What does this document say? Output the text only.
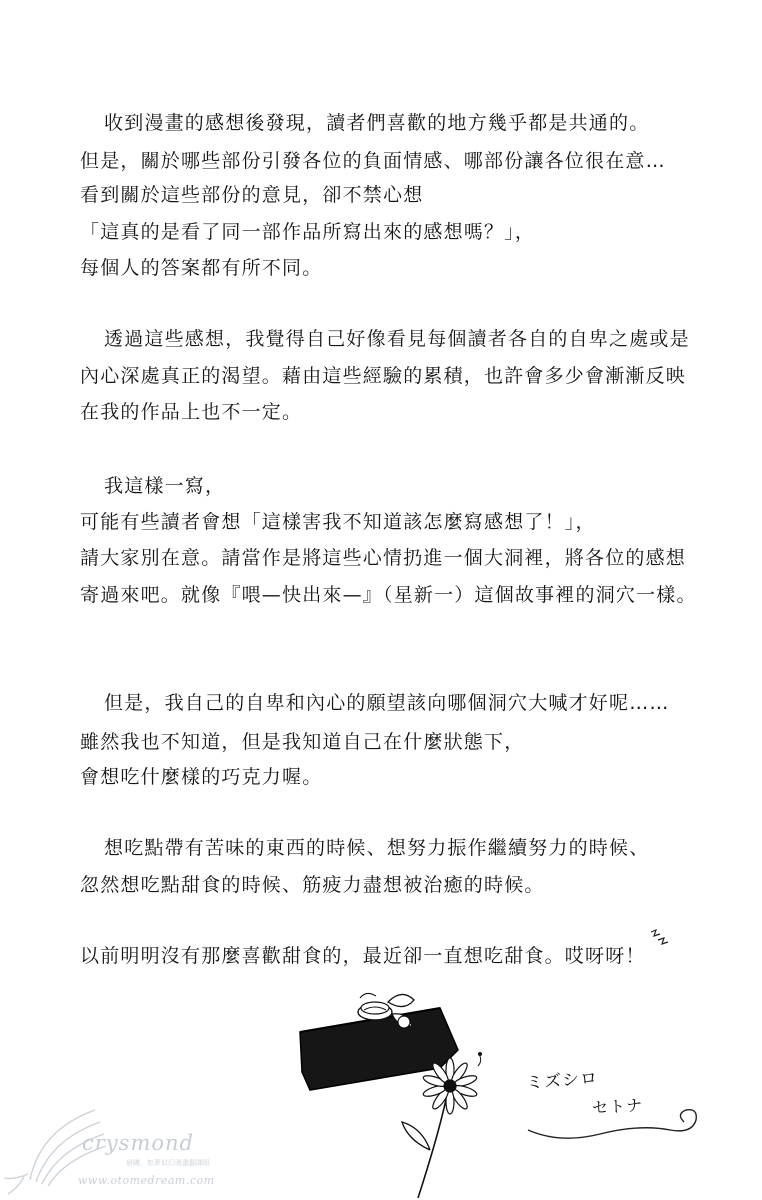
收到漫畫的感想後發現，讀者們喜歡的地方幾乎都是共通的。
但是，關於哪些部份引發各位的負面情感、哪部份讓各位很在意…
看到關於這些部份的意見，卻不禁心想
「這真的是看了同一部作品所寫出來的感想嗎？」，
每個人的答案都有所不同。
透過這些感想，我覺得自己好像看見每個讀者各自的自卑之處或是
內心深處真正的渴望。藉由這些經驗的累積，也許會多少會漸漸反映
在我的作品上也不一定。
我這樣一寫，
可能有些讀者會想「這樣害我不知道該怎麼寫感想了！」，
請大家別在意。請當作是將這些心情扔進一個大洞裡，將各位的感想
寄過來吧。就像『喂—快出來—』（星新一）這個故事裡的洞穴一樣。
但是，我自己的自卑和內心的願望該向哪個洞穴大喊才好呢……
雖然我也不知道，但是我知道自己在什麼狀態下，
會想吃什麼樣的巧克力喔。
想吃點帶有苦味的東西的時候、想努力振作繼續努力的時候、
忽然想吃點甜食的時候、筋疲力盡想被治癒的時候。
以前明明沒有那麼喜歡甜食的，最近卻一直想吃甜食。哎呀呀！
ミズシロ
セトナ
crysmond
晨曦，如夢似幻漫畫翻譯組
www.otomedream.com
